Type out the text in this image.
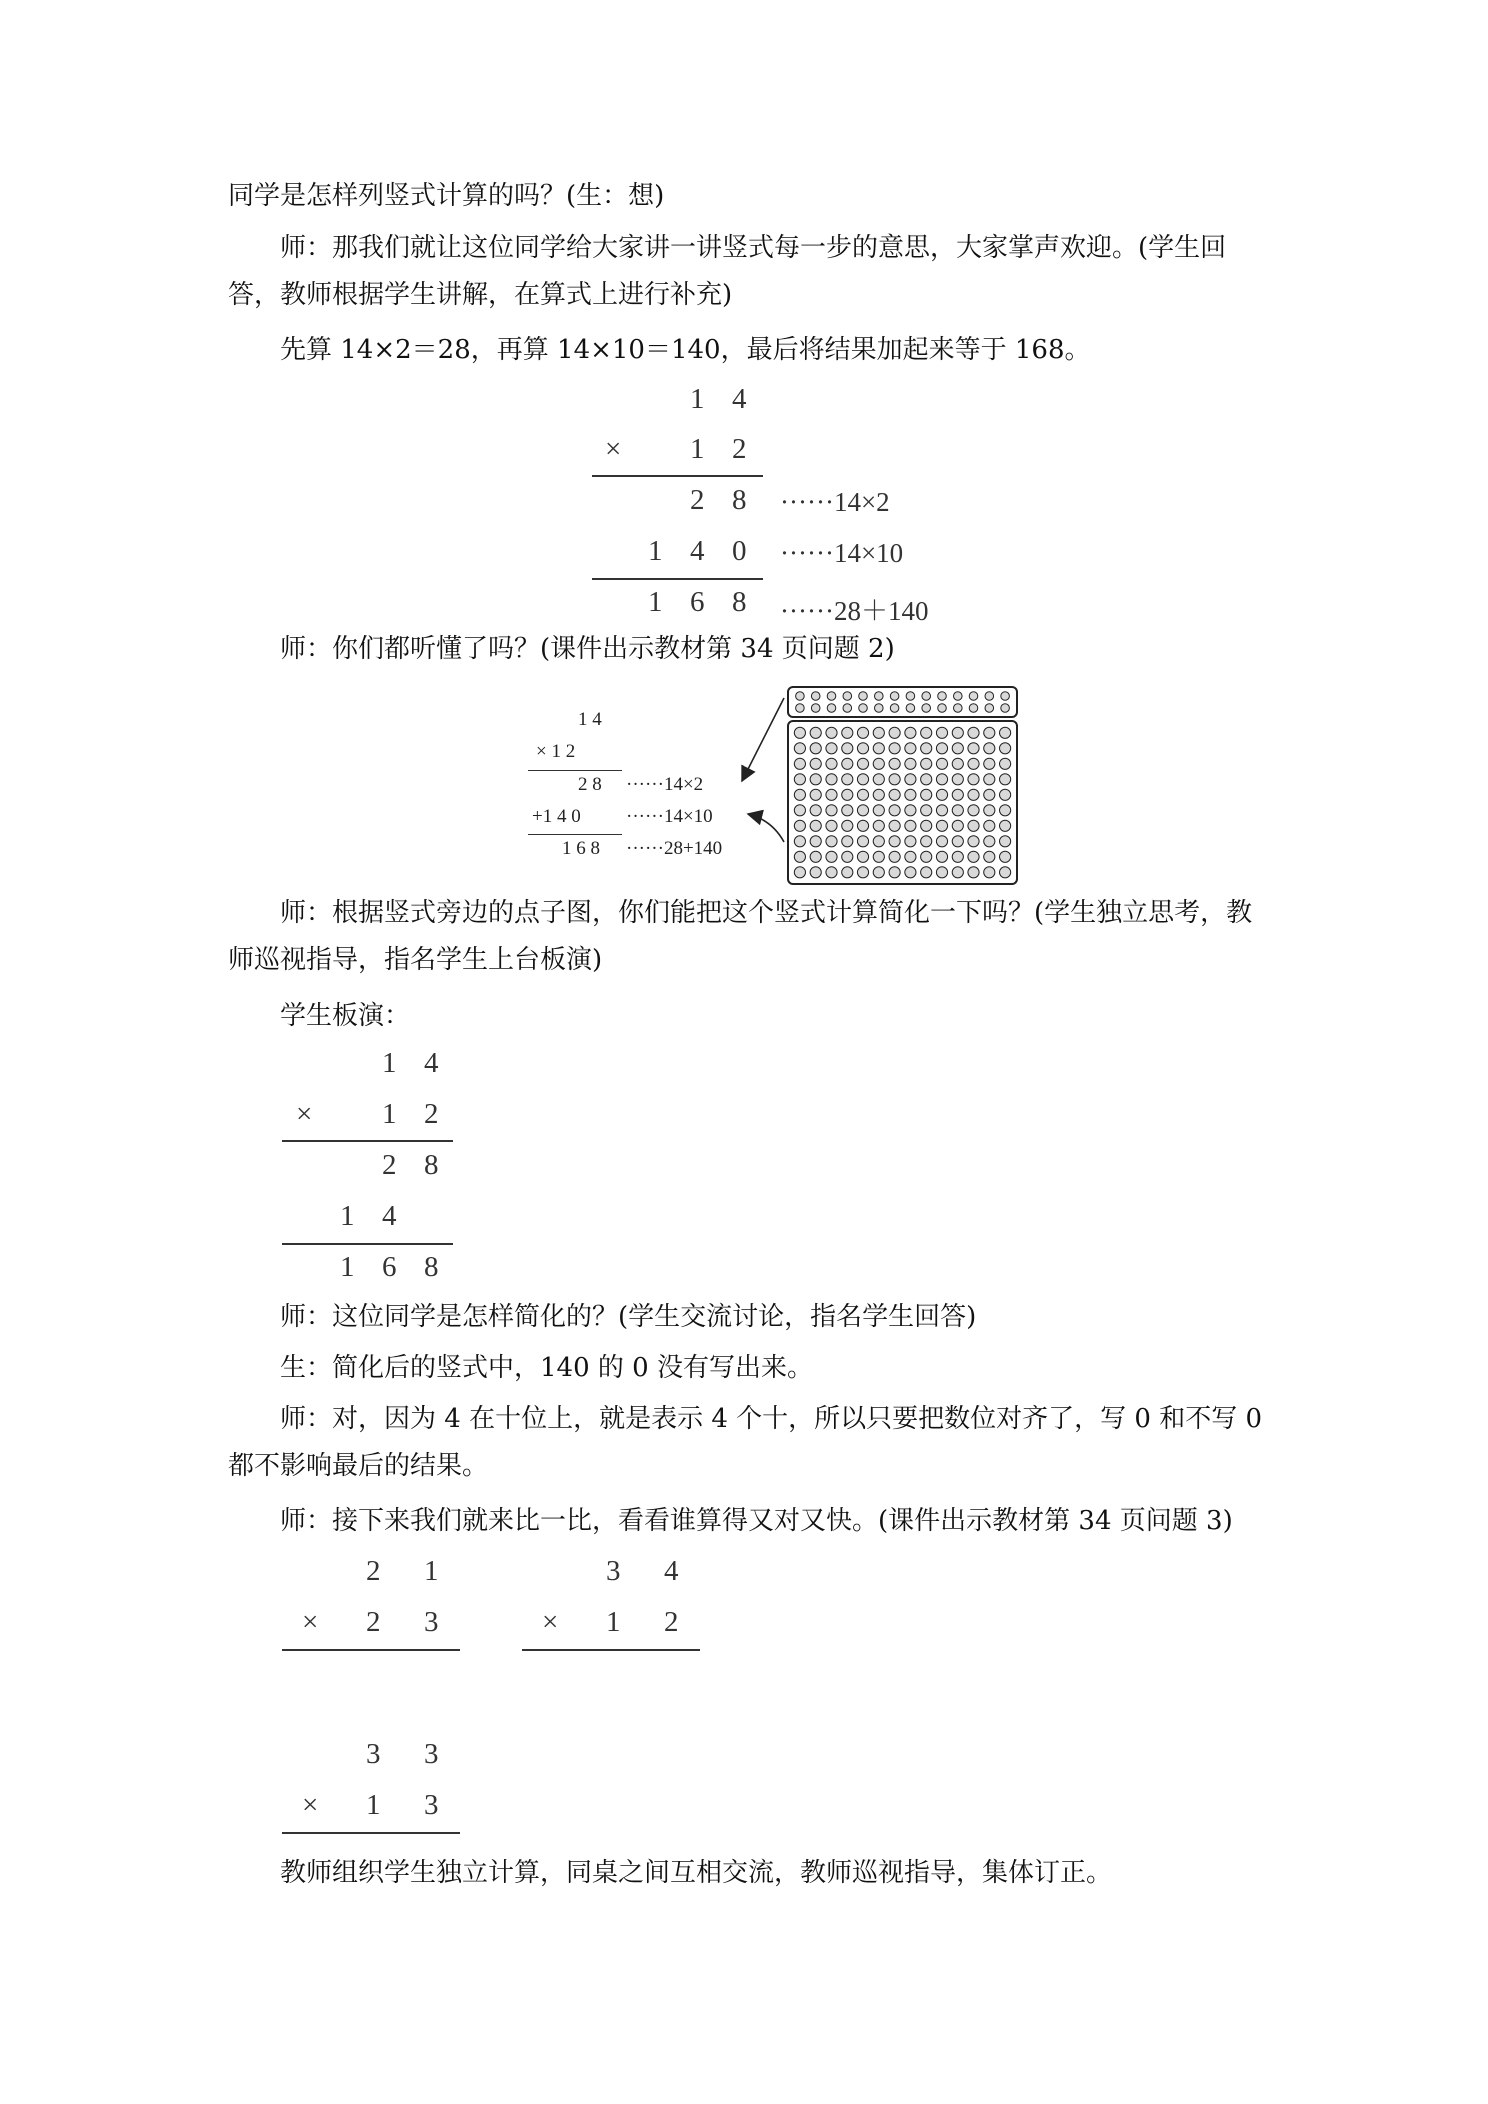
同学是怎样列竖式计算的吗？(生：想)

师：那我们就让这位同学给大家讲一讲竖式每一步的意思，大家掌声欢迎。(学生回答，教师根据学生讲解，在算式上进行补充)

先算 14×2＝28，再算 14×10＝140，最后将结果加起来等于 168。

1 4
× 1 2
2 8
1 4 0
1 6 8
······14×2
······14×10
······28＋140

师：你们都听懂了吗？(课件出示教材第 34 页问题 2)

1 4
× 1 2
2 8
+1 4 0
1 6 8
······14×2
······14×10
······28+140

师：根据竖式旁边的点子图，你们能把这个竖式计算简化一下吗？(学生独立思考，教师巡视指导，指名学生上台板演)

学生板演：

1 4
× 1 2
2 8
1 4
1 6 8

师：这位同学是怎样简化的？(学生交流讨论，指名学生回答)

生：简化后的竖式中，140 的 0 没有写出来。

师：对，因为 4 在十位上，就是表示 4 个十，所以只要把数位对齐了，写 0 和不写 0 都不影响最后的结果。

师：接下来我们就来比一比，看看谁算得又对又快。(课件出示教材第 34 页问题 3)

2 1
× 2 3
3 4
× 1 2
3 3
× 1 3

教师组织学生独立计算，同桌之间互相交流，教师巡视指导，集体订正。
